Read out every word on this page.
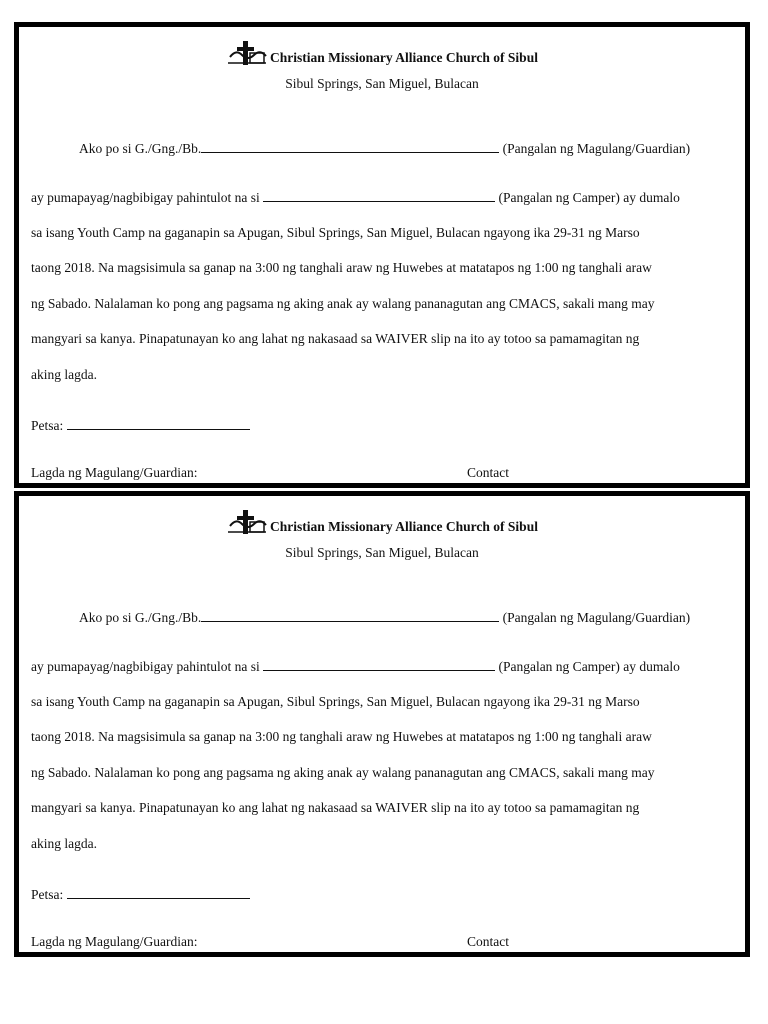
Christian Missionary Alliance Church of Sibul
Sibul Springs, San Miguel, Bulacan
Ako po si G./Gng./Bb.	(Pangalan ng Magulang/Guardian)
ay pumapayag/nagbibigay pahintulot na si	(Pangalan ng Camper) ay dumalo
sa isang Youth Camp na gaganapin sa Apugan, Sibul Springs, San Miguel, Bulacan ngayong ika 29-31 ng Marso
taong 2018. Na magsisimula sa ganap na 3:00 ng tanghali araw ng Huwebes at matatapos ng 1:00 ng tanghali araw
ng Sabado. Nalalaman ko pong ang pagsama ng aking anak ay walang pananagutan ang CMACS, sakali mang may
mangyari sa kanya. Pinapatunayan ko ang lahat ng nakasaad sa WAIVER slip na ito ay totoo sa pamamagitan ng
aking lagda.
Petsa:
Lagda ng Magulang/Guardian:	Contact
Christian Missionary Alliance Church of Sibul
Sibul Springs, San Miguel, Bulacan
Ako po si G./Gng./Bb.	(Pangalan ng Magulang/Guardian)
ay pumapayag/nagbibigay pahintulot na si	(Pangalan ng Camper) ay dumalo
sa isang Youth Camp na gaganapin sa Apugan, Sibul Springs, San Miguel, Bulacan ngayong ika 29-31 ng Marso
taong 2018. Na magsisimula sa ganap na 3:00 ng tanghali araw ng Huwebes at matatapos ng 1:00 ng tanghali araw
ng Sabado. Nalalaman ko pong ang pagsama ng aking anak ay walang pananagutan ang CMACS, sakali mang may
mangyari sa kanya. Pinapatunayan ko ang lahat ng nakasaad sa WAIVER slip na ito ay totoo sa pamamagitan ng
aking lagda.
Petsa:
Lagda ng Magulang/Guardian:	Contact
